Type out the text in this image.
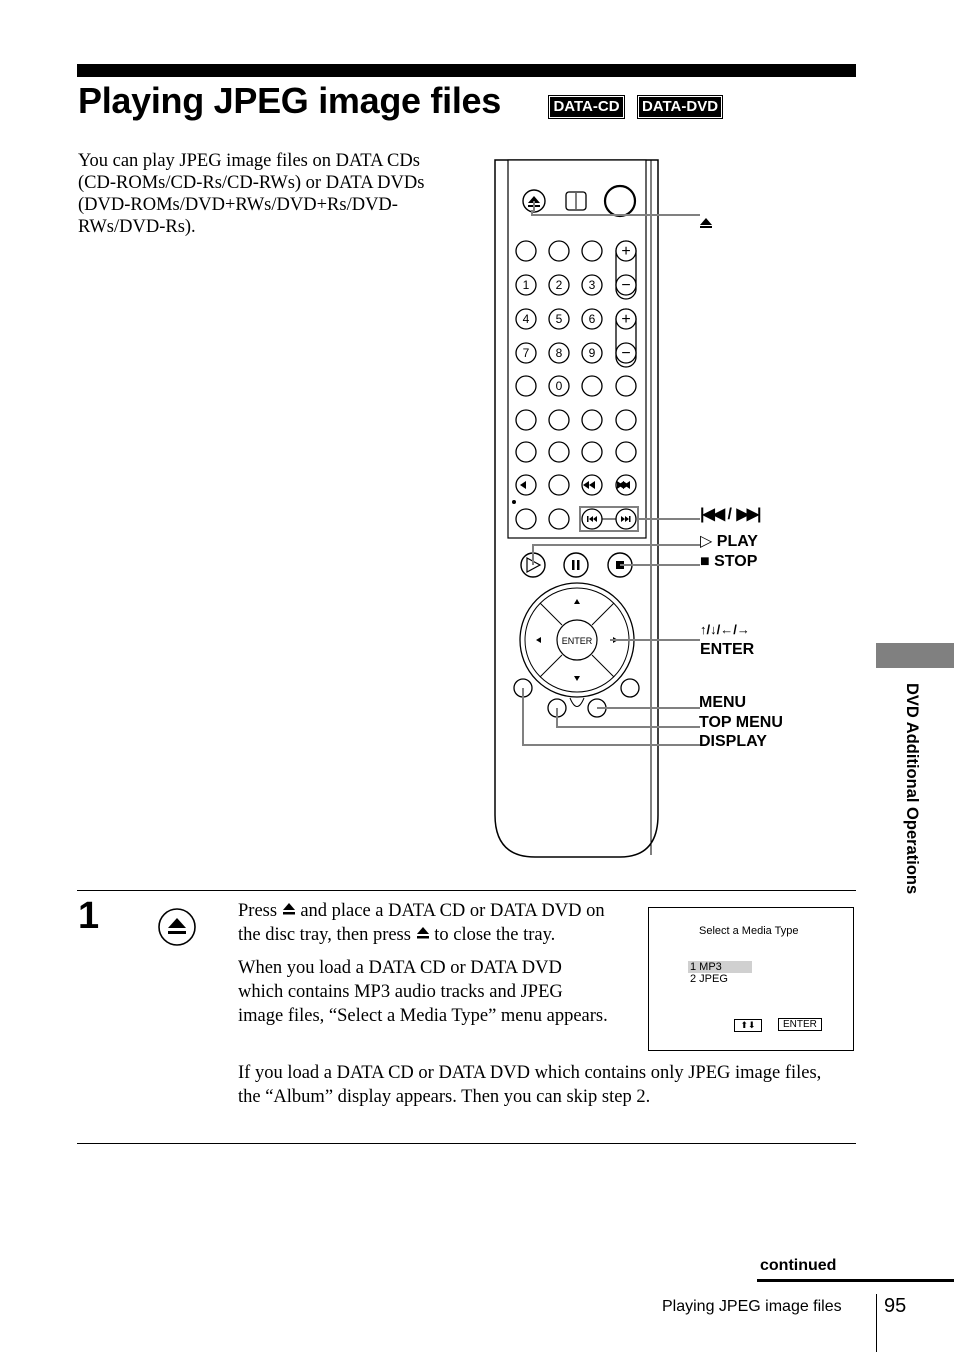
Playing JPEG image files	DATA-CD DATA-DVD
You can play JPEG image files on DATA CDs (CD-ROMs/CD-Rs/CD-RWs) or DATA DVDs (DVD-ROMs/DVD+RWs/DVD+Rs/DVD-RWs/DVD-Rs).
+
−
+
−
1 2 3
4 5 6
7 8 9
0
ENTER
|◀◀ / ▶▶|
▷ PLAY
■ STOP
↑/↓/←/→
ENTER
MENU
TOP MENU
DISPLAY	DVD Additional Operations
1	Press and place a DATA CD or DATA DVD on the disc tray, then press to close the tray.
When you load a DATA CD or DATA DVD which contains MP3 audio tracks and JPEG image files, “Select a Media Type” menu appears.
If you load a DATA CD or DATA DVD which contains only JPEG image files, the “Album” display appears. Then you can skip step 2.
Select a Media Type
1 MP3
2 JPEG
⬆⬇	ENTER
continued
Playing JPEG image files 95
